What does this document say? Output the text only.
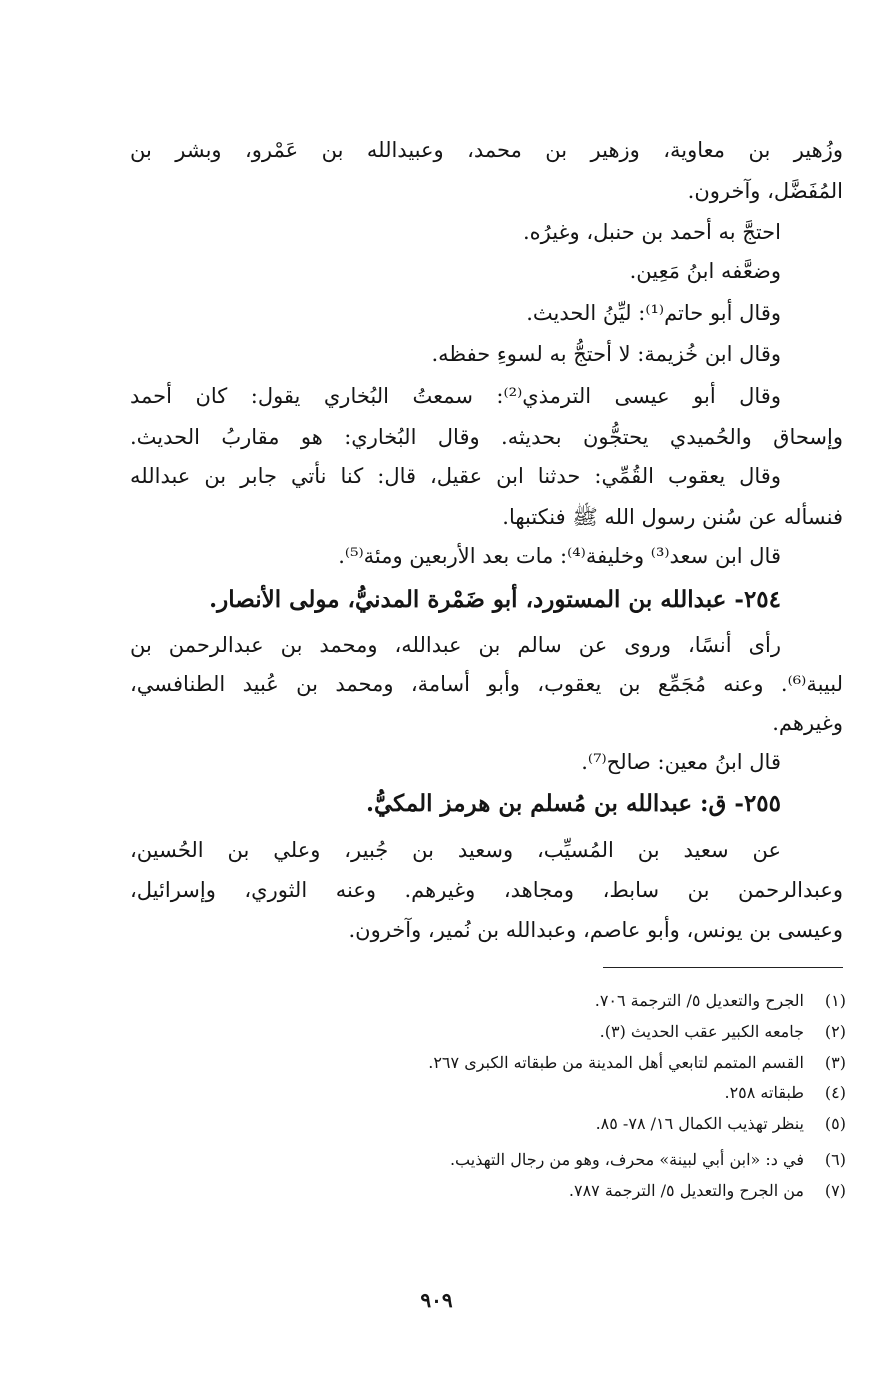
وزُهير بن معاوية، وزهير بن محمد، وعبيدالله بن عَمْرو، وبشر بن
المُفَضَّل، وآخرون.
احتجَّ به أحمد بن حنبل، وغيرُه.
وضعَّفه ابنُ مَعِين.
وقال أبو حاتم⁽¹⁾: ليِّنُ الحديث.
وقال ابن خُزيمة: لا أحتجُّ به لسوءِ حفظه.
وقال أبو عيسى الترمذي⁽²⁾: سمعتُ البُخاري يقول: كان أحمد
وإسحاق والحُميدي يحتجُّون بحديثه. وقال البُخاري: هو مقاربُ الحديث.
وقال يعقوب القُمِّي: حدثنا ابن عقيل، قال: كنا نأتي جابر بن عبدالله
فنسأله عن سُنن رسول الله ﷺ فنكتبها.
قال ابن سعد⁽³⁾ وخليفة⁽⁴⁾: مات بعد الأربعين ومئة⁽⁵⁾.
٢٥٤- عبدالله بن المستورد، أبو ضَمْرة المدنيُّ، مولى الأنصار.
رأى أنسًا، وروى عن سالم بن عبدالله، ومحمد بن عبدالرحمن بن
لبيبة⁽⁶⁾. وعنه مُجَمِّع بن يعقوب، وأبو أسامة، ومحمد بن عُبيد الطنافسي،
وغيرهم.
قال ابنُ معين: صالح⁽⁷⁾.
٢٥٥- ق: عبدالله بن مُسلم بن هرمز المكيُّ.
عن سعيد بن المُسيِّب، وسعيد بن جُبير، وعلي بن الحُسين،
وعبدالرحمن بن سابط، ومجاهد، وغيرهم. وعنه الثوري، وإسرائيل،
وعيسى بن يونس، وأبو عاصم، وعبدالله بن نُمير، وآخرون.
(١)الجرح والتعديل ٥/ الترجمة ٧٠٦.
(٢)جامعه الكبير عقب الحديث (٣).
(٣)القسم المتمم لتابعي أهل المدينة من طبقاته الكبرى ٢٦٧.
(٤)طبقاته ٢٥٨.
(٥)ينظر تهذيب الكمال ١٦/ ٧٨- ٨٥.
(٦)في د: «ابن أبي لبينة» محرف، وهو من رجال التهذيب.
(٧)من الجرح والتعديل ٥/ الترجمة ٧٨٧.
٩٠٩
